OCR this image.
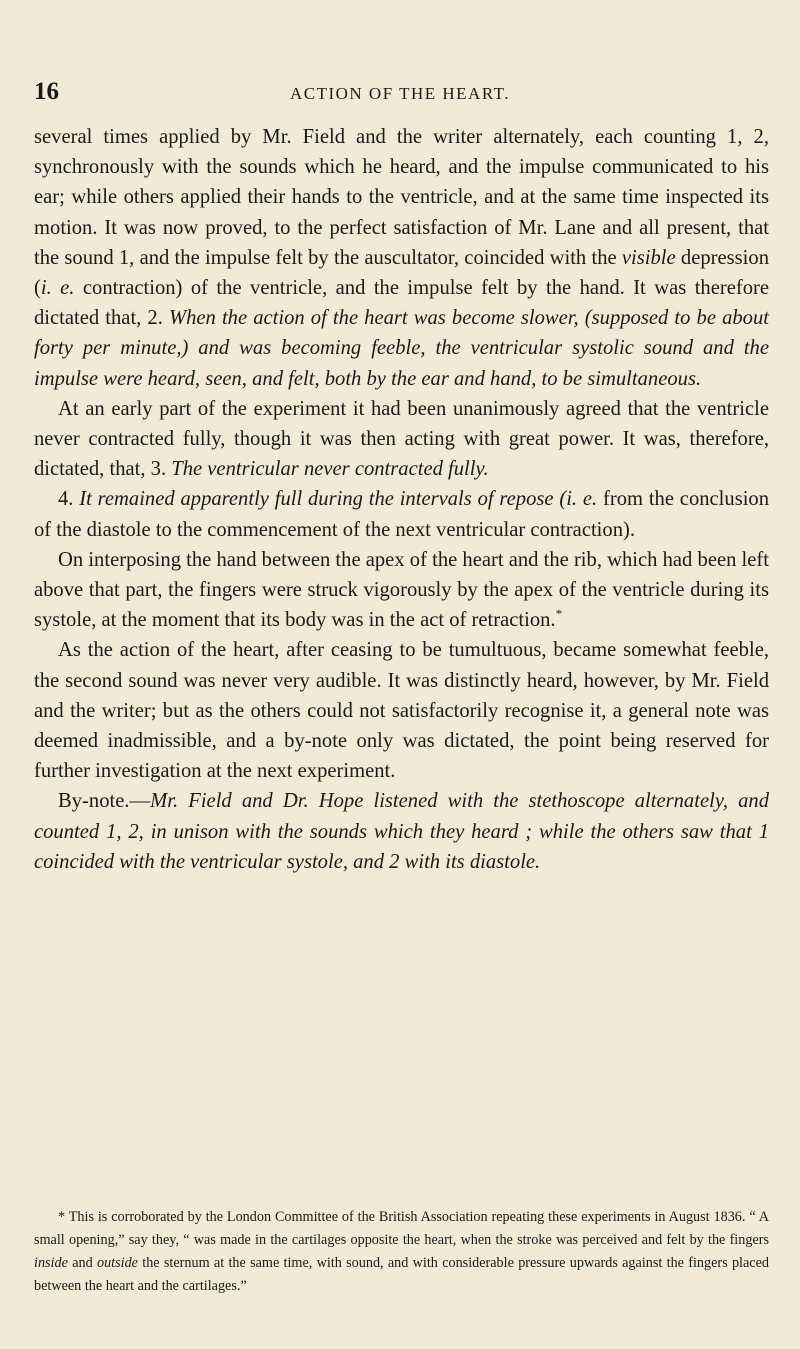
16	ACTION OF THE HEART.

several times applied by Mr. Field and the writer alternately, each counting 1, 2, synchronously with the sounds which he heard, and the impulse communicated to his ear; while others applied their hands to the ventricle, and at the same time inspected its motion. It was now proved, to the perfect satisfaction of Mr. Lane and all present, that the sound 1, and the impulse felt by the auscultator, coincided with the visible depression (i. e. contraction) of the ventricle, and the impulse felt by the hand. It was therefore dictated that, 2. When the action of the heart was become slower, (supposed to be about forty per minute,) and was becoming feeble, the ventricular systolic sound and the impulse were heard, seen, and felt, both by the ear and hand, to be simultaneous.

At an early part of the experiment it had been unanimously agreed that the ventricle never contracted fully, though it was then acting with great power. It was, therefore, dictated, that, 3. The ventricular never contracted fully.

4. It remained apparently full during the intervals of repose (i. e. from the conclusion of the diastole to the commencement of the next ventricular contraction).

On interposing the hand between the apex of the heart and the rib, which had been left above that part, the fingers were struck vigorously by the apex of the ventricle during its systole, at the moment that its body was in the act of retraction.*

As the action of the heart, after ceasing to be tumultuous, became somewhat feeble, the second sound was never very audible. It was distinctly heard, however, by Mr. Field and the writer; but as the others could not satisfactorily recognise it, a general note was deemed inadmissible, and a by-note only was dictated, the point being reserved for further investigation at the next experiment.

By-note.—Mr. Field and Dr. Hope listened with the stethoscope alternately, and counted 1, 2, in unison with the sounds which they heard ; while the others saw that 1 coincided with the ventricular systole, and 2 with its diastole.

* This is corroborated by the London Committee of the British Association repeating these experiments in August 1836. “ A small opening,” say they, “ was made in the cartilages opposite the heart, when the stroke was perceived and felt by the fingers inside and outside the sternum at the same time, with sound, and with considerable pressure upwards against the fingers placed between the heart and the cartilages.”
